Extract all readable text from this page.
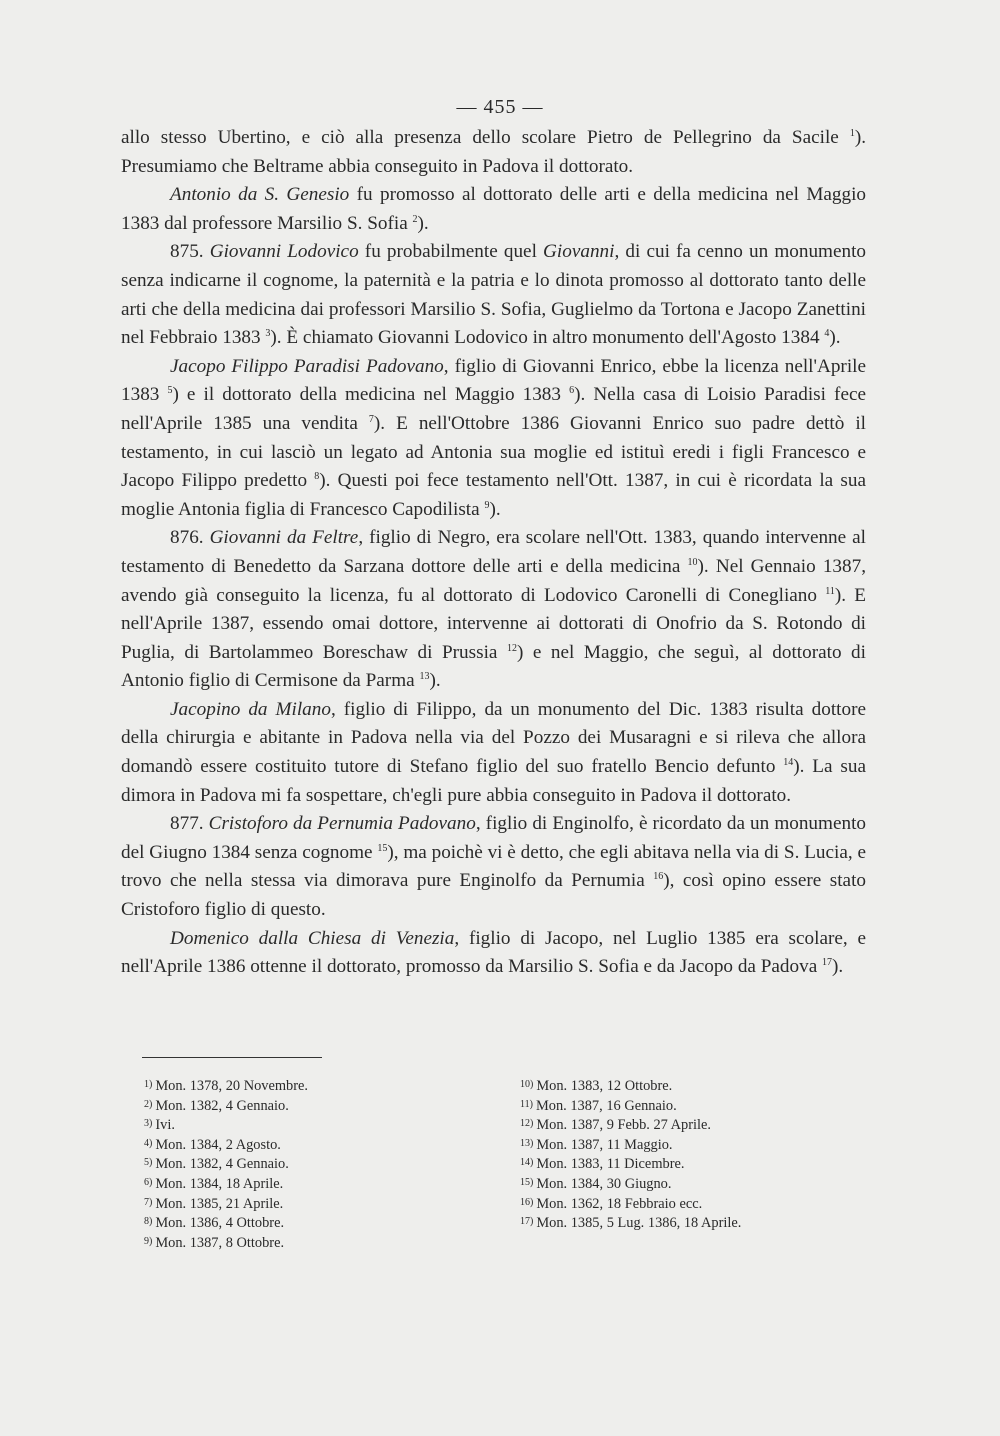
— 455 —

allo stesso Ubertino, e ciò alla presenza dello scolare Pietro de Pellegrino da Sacile $^1$). Presumiamo che Beltrame abbia conseguito in Padova il dottorato.

Antonio da S. Genesio fu promosso al dottorato delle arti e della medicina nel Maggio 1383 dal professore Marsilio S. Sofia $^2$).

875. Giovanni Lodovico fu probabilmente quel Giovanni, di cui fa cenno un monumento senza indicarne il cognome, la paternità e la patria e lo dinota promosso al dottorato tanto delle arti che della medicina dai professori Marsilio S. Sofia, Guglielmo da Tortona e Jacopo Zanettini nel Febbraio 1383 $^3$). È chiamato Giovanni Lodovico in altro monumento dell'Agosto 1384 $^4$).

Jacopo Filippo Paradisi Padovano, figlio di Giovanni Enrico, ebbe la licenza nell'Aprile 1383 $^5$) e il dottorato della medicina nel Maggio 1383 $^6$). Nella casa di Loisio Paradisi fece nell'Aprile 1385 una vendita $^7$). E nell'Ottobre 1386 Giovanni Enrico suo padre dettò il testamento, in cui lasciò un legato ad Antonia sua moglie ed istituì eredi i figli Francesco e Jacopo Filippo predetto $^8$). Questi poi fece testamento nell'Ott. 1387, in cui è ricordata la sua moglie Antonia figlia di Francesco Capodilista $^9$).

876. Giovanni da Feltre, figlio di Negro, era scolare nell'Ott. 1383, quando intervenne al testamento di Benedetto da Sarzana dottore delle arti e della medicina $^{10}$). Nel Gennaio 1387, avendo già conseguito la licenza, fu al dottorato di Lodovico Caronelli di Conegliano $^{11}$). E nell'Aprile 1387, essendo omai dottore, intervenne ai dottorati di Onofrio da S. Rotondo di Puglia, di Bartolammeo Boreschaw di Prussia $^{12}$) e nel Maggio, che seguì, al dottorato di Antonio figlio di Cermisone da Parma $^{13}$).

Jacopino da Milano, figlio di Filippo, da un monumento del Dic. 1383 risulta dottore della chirurgia e abitante in Padova nella via del Pozzo dei Musaragni e si rileva che allora domandò essere costituito tutore di Stefano figlio del suo fratello Bencio defunto $^{14}$). La sua dimora in Padova mi fa sospettare, ch'egli pure abbia conseguito in Padova il dottorato.

877. Cristoforo da Pernumia Padovano, figlio di Enginolfo, è ricordato da un monumento del Giugno 1384 senza cognome $^{15}$), ma poichè vi è detto, che egli abitava nella via di S. Lucia, e trovo che nella stessa via dimorava pure Enginolfo da Pernumia $^{16}$), così opino essere stato Cristoforo figlio di questo.

Domenico dalla Chiesa di Venezia, figlio di Jacopo, nel Luglio 1385 era scolare, e nell'Aprile 1386 ottenne il dottorato, promosso da Marsilio S. Sofia e da Jacopo da Padova $^{17}$).

$^{1)}$ Mon. 1378, 20 Novembre.
$^{2)}$ Mon. 1382, 4 Gennaio.
$^{3)}$ Ivi.
$^{4)}$ Mon. 1384, 2 Agosto.
$^{5)}$ Mon. 1382, 4 Gennaio.
$^{6)}$ Mon. 1384, 18 Aprile.
$^{7)}$ Mon. 1385, 21 Aprile.
$^{8)}$ Mon. 1386, 4 Ottobre.
$^{9)}$ Mon. 1387, 8 Ottobre.
$^{10)}$ Mon. 1383, 12 Ottobre.
$^{11)}$ Mon. 1387, 16 Gennaio.
$^{12)}$ Mon. 1387, 9 Febb. 27 Aprile.
$^{13)}$ Mon. 1387, 11 Maggio.
$^{14)}$ Mon. 1383, 11 Dicembre.
$^{15)}$ Mon. 1384, 30 Giugno.
$^{16)}$ Mon. 1362, 18 Febbraio ecc.
$^{17)}$ Mon. 1385, 5 Lug. 1386, 18 Aprile.
